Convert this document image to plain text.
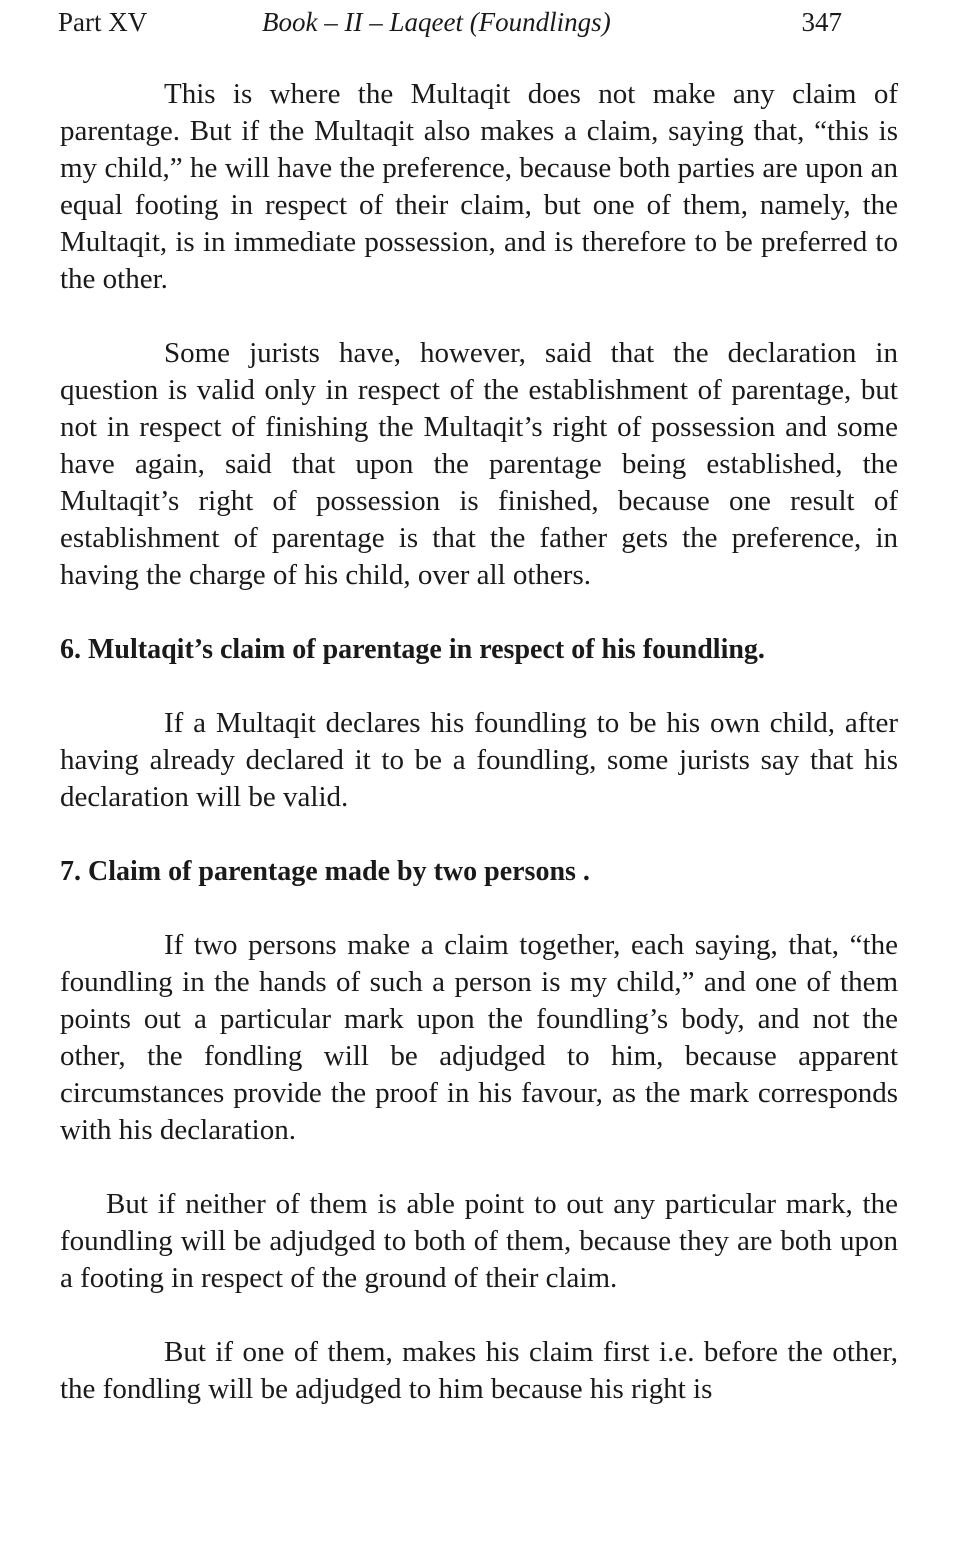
Part XV	Book – II – Laqeet (Foundlings)	347

This is where the Multaqit does not make any claim of parentage. But if the Multaqit also makes a claim, saying that, “this is my child,” he will have the preference, because both parties are upon an equal footing in respect of their claim, but one of them, namely, the Multaqit, is in immediate possession, and is therefore to be preferred to the other.

Some jurists have, however, said that the declaration in question is valid only in respect of the establishment of parentage, but not in respect of finishing the Multaqit’s right of possession and some have again, said that upon the parentage being established, the Multaqit’s right of possession is finished, because one result of establishment of parentage is that the father gets the preference, in having the charge of his child, over all others.

6. Multaqit’s claim of parentage in respect of his foundling.

If a Multaqit declares his foundling to be his own child, after having already declared it to be a foundling, some jurists say that his declaration will be valid.

7. Claim of parentage made by two persons .

If two persons make a claim together, each saying, that, “the foundling in the hands of such a person is my child,” and one of them points out a particular mark upon the foundling’s body, and not the other, the fondling will be adjudged to him, because apparent circumstances provide the proof in his favour, as the mark corresponds with his declaration.

But if neither of them is able point to out any particular mark, the foundling will be adjudged to both of them, because they are both upon a footing in respect of the ground of their claim.

But if one of them, makes his claim first i.e. before the other, the fondling will be adjudged to him because his right is
